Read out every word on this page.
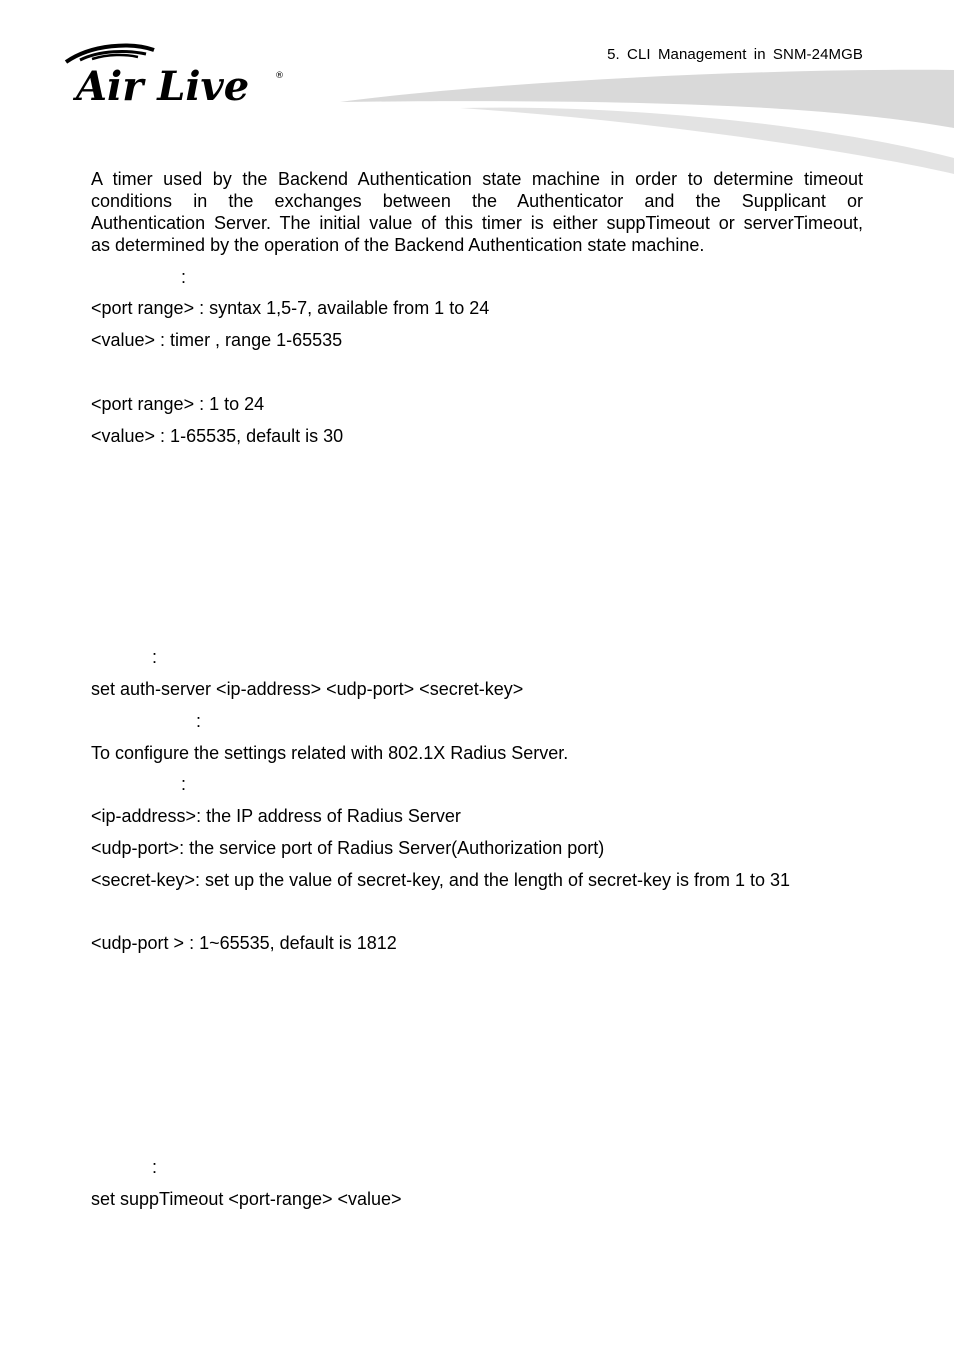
5. CLI Management in SNM-24MGB
Air Live	®
A timer used by the Backend Authentication state machine in order to determine timeout
conditions in the exchanges between the Authenticator and the Supplicant or
Authentication Server. The initial value of this timer is either suppTimeout or serverTimeout,
as determined by the operation of the Backend Authentication state machine.
:
<port range> : syntax 1,5-7, available from 1 to 24
<value> : timer , range 1-65535
<port range> : 1 to 24
<value> : 1-65535, default is 30
:
set auth-server <ip-address> <udp-port> <secret-key>
:
To configure the settings related with 802.1X Radius Server.
:
<ip-address>: the IP address of Radius Server
<udp-port>: the service port of Radius Server(Authorization port)
<secret-key>: set up the value of secret-key, and the length of secret-key is from 1 to 31
<udp-port > : 1~65535, default is 1812
:
set suppTimeout <port-range> <value>
